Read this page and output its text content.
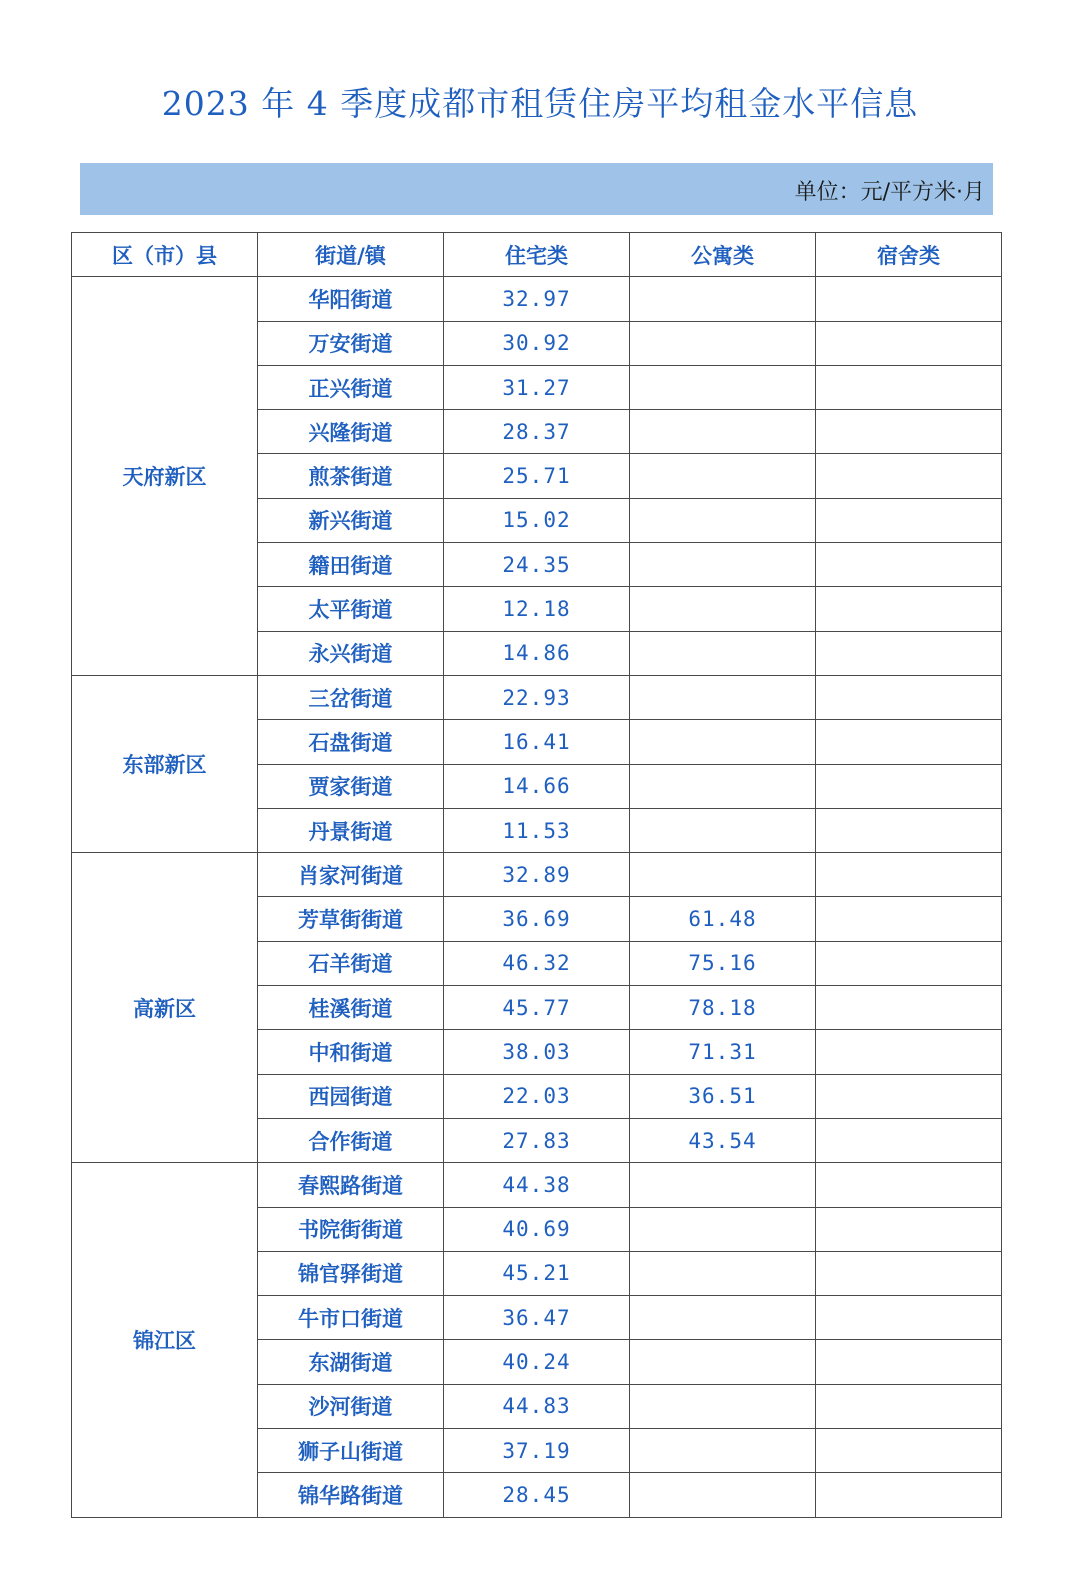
2023 年 4 季度成都市租赁住房平均租金水平信息
单位：元/平方米·月
区（市）县	街道/镇	住宅类	公寓类	宿舍类
天府新区	华阳街道	32.97		
	万安街道	30.92		
	正兴街道	31.27		
	兴隆街道	28.37		
	煎茶街道	25.71		
	新兴街道	15.02		
	籍田街道	24.35		
	太平街道	12.18		
	永兴街道	14.86		
东部新区	三岔街道	22.93		
	石盘街道	16.41		
	贾家街道	14.66		
	丹景街道	11.53		
高新区	肖家河街道	32.89		
	芳草街街道	36.69	61.48	
	石羊街道	46.32	75.16	
	桂溪街道	45.77	78.18	
	中和街道	38.03	71.31	
	西园街道	22.03	36.51	
	合作街道	27.83	43.54	
锦江区	春熙路街道	44.38		
	书院街街道	40.69		
	锦官驿街道	45.21		
	牛市口街道	36.47		
	东湖街道	40.24		
	沙河街道	44.83		
	狮子山街道	37.19		
	锦华路街道	28.45		
